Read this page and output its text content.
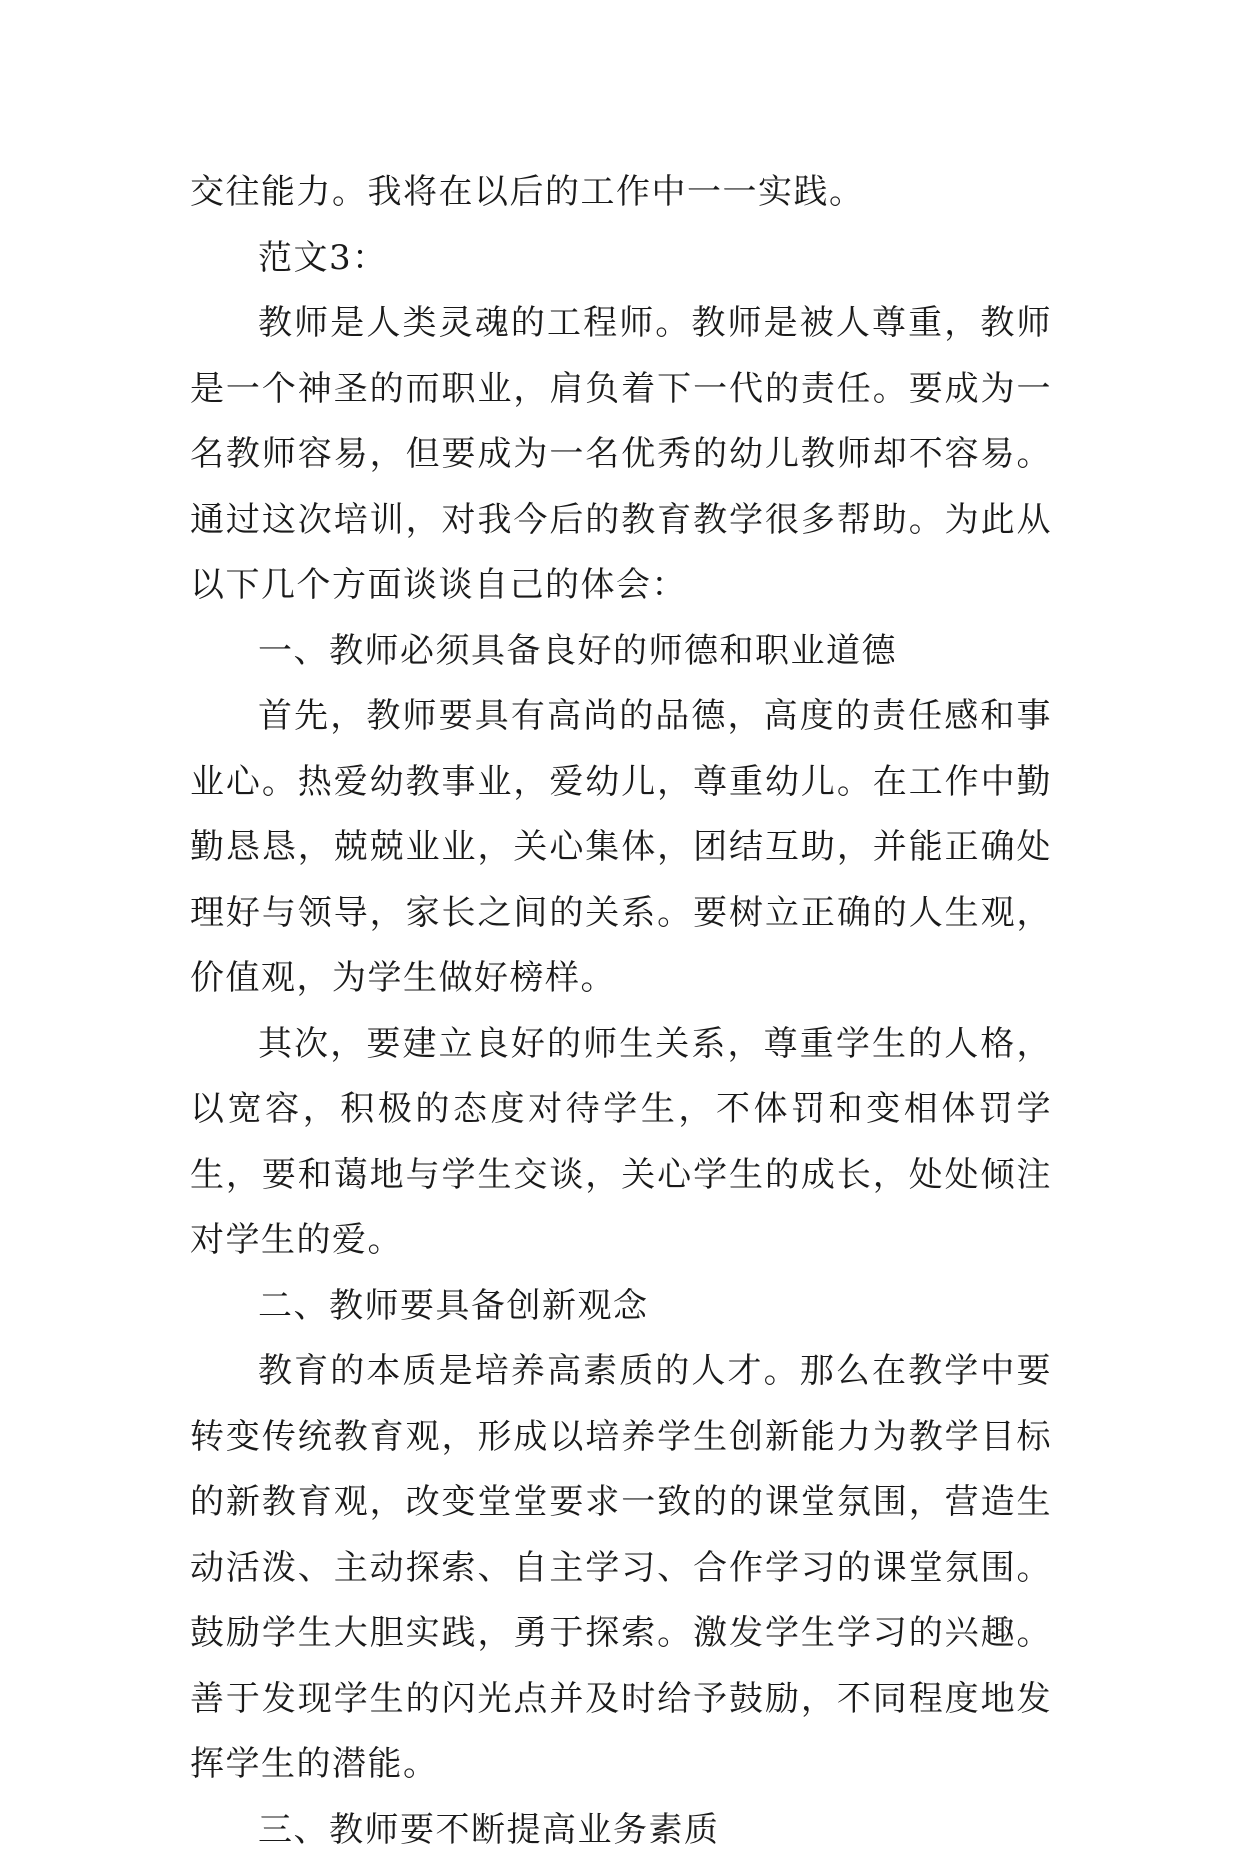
交往能力。我将在以后的工作中一一实践。

范文3：

教师是人类灵魂的工程师。教师是被人尊重，教师是一个神圣的而职业，肩负着下一代的责任。要成为一名教师容易，但要成为一名优秀的幼儿教师却不容易。通过这次培训，对我今后的教育教学很多帮助。为此从以下几个方面谈谈自己的体会：

一、教师必须具备良好的师德和职业道德

首先，教师要具有高尚的品德，高度的责任感和事业心。热爱幼教事业，爱幼儿，尊重幼儿。在工作中勤勤恳恳，兢兢业业，关心集体，团结互助，并能正确处理好与领导，家长之间的关系。要树立正确的人生观，价值观，为学生做好榜样。

其次，要建立良好的师生关系，尊重学生的人格，以宽容，积极的态度对待学生，不体罚和变相体罚学生，要和蔼地与学生交谈，关心学生的成长，处处倾注对学生的爱。

二、教师要具备创新观念

教育的本质是培养高素质的人才。那么在教学中要转变传统教育观，形成以培养学生创新能力为教学目标的新教育观，改变堂堂要求一致的的课堂氛围，营造生动活泼、主动探索、自主学习、合作学习的课堂氛围。鼓励学生大胆实践，勇于探索。激发学生学习的兴趣。善于发现学生的闪光点并及时给予鼓励，不同程度地发挥学生的潜能。

三、教师要不断提高业务素质
